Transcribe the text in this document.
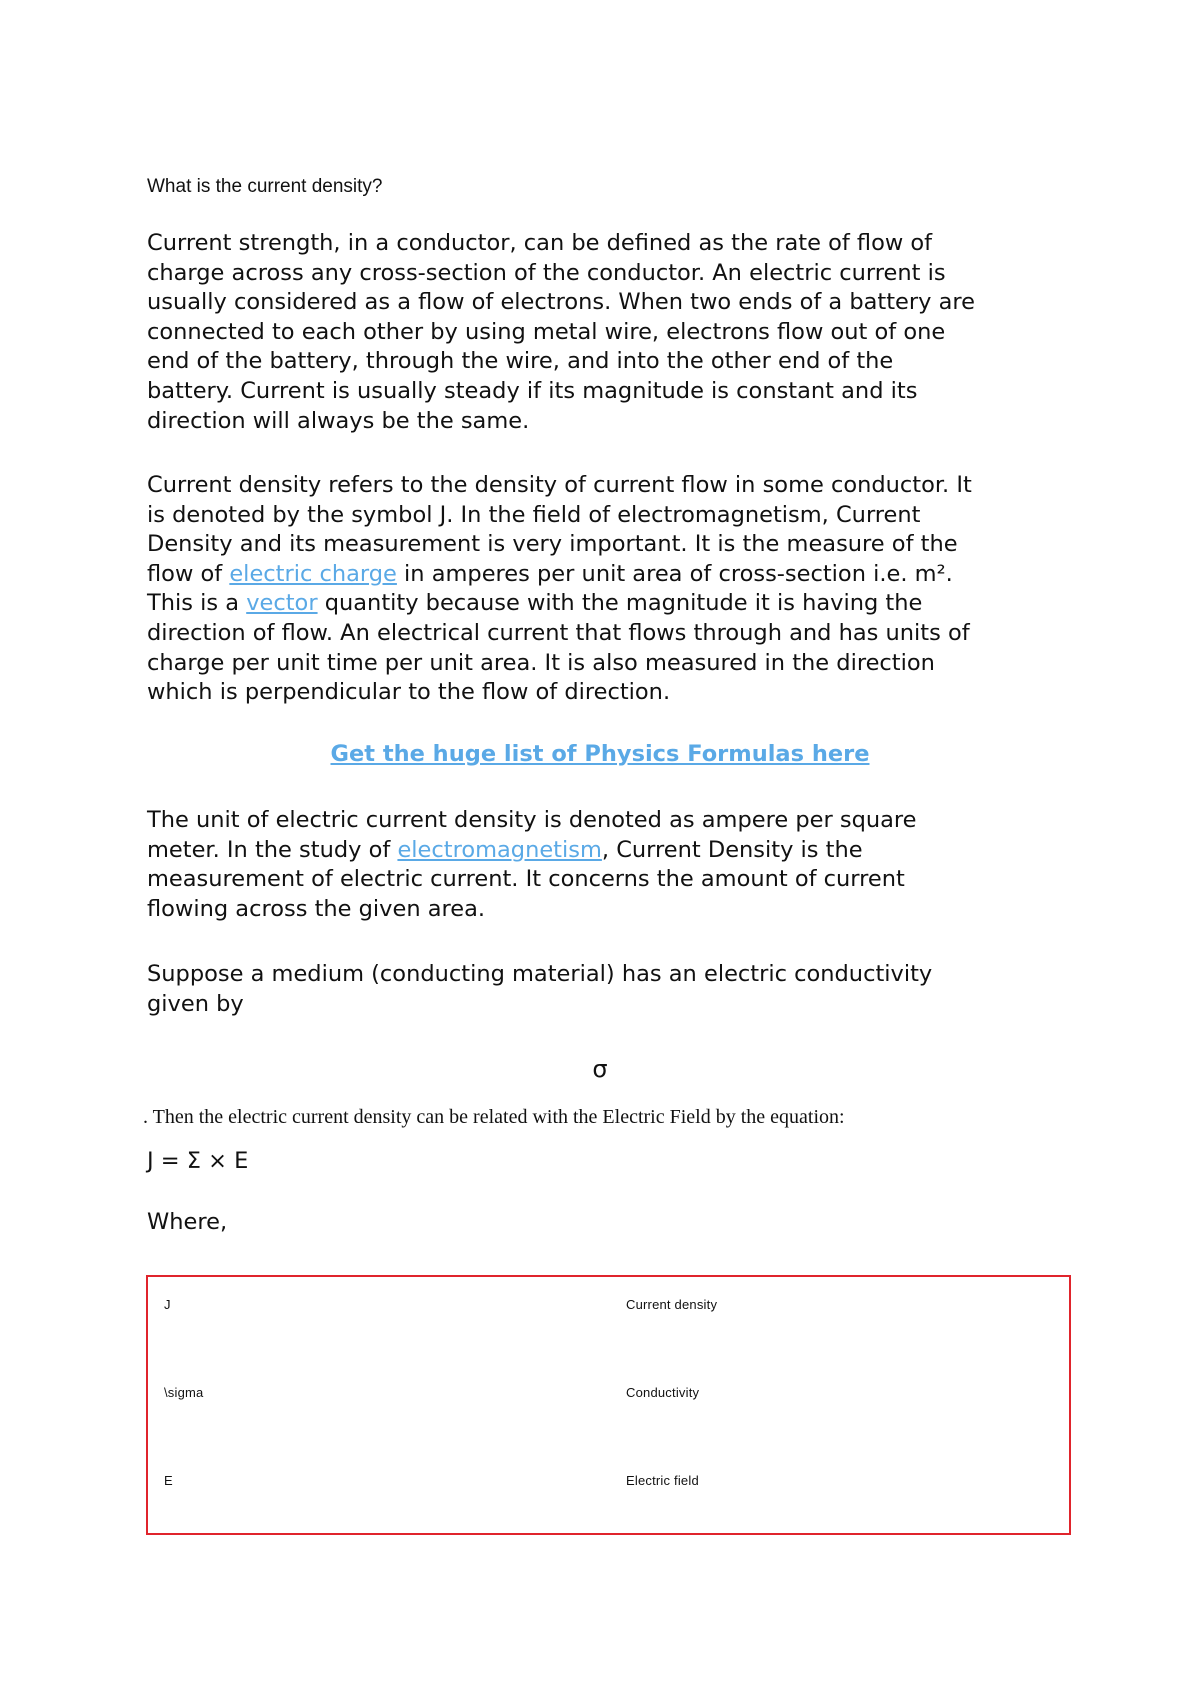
What is the current density?

Current strength, in a conductor, can be defined as the rate of flow of
charge across any cross-section of the conductor. An electric current is
usually considered as a flow of electrons. When two ends of a battery are
connected to each other by using metal wire, electrons flow out of one
end of the battery, through the wire, and into the other end of the
battery. Current is usually steady if its magnitude is constant and its
direction will always be the same.

Current density refers to the density of current flow in some conductor. It
is denoted by the symbol J. In the field of electromagnetism, Current
Density and its measurement is very important. It is the measure of the
flow of electric charge in amperes per unit area of cross-section i.e. m².
This is a vector quantity because with the magnitude it is having the
direction of flow. An electrical current that flows through and has units of
charge per unit time per unit area. It is also measured in the direction
which is perpendicular to the flow of direction.

Get the huge list of Physics Formulas here

The unit of electric current density is denoted as ampere per square
meter. In the study of electromagnetism, Current Density is the
measurement of electric current. It concerns the amount of current
flowing across the given area.

Suppose a medium (conducting material) has an electric conductivity
given by

σ
. Then the electric current density can be related with the Electric Field by the equation:
J = Σ × E
Where,
J	Current density
\sigma	Conductivity
E	Electric field
